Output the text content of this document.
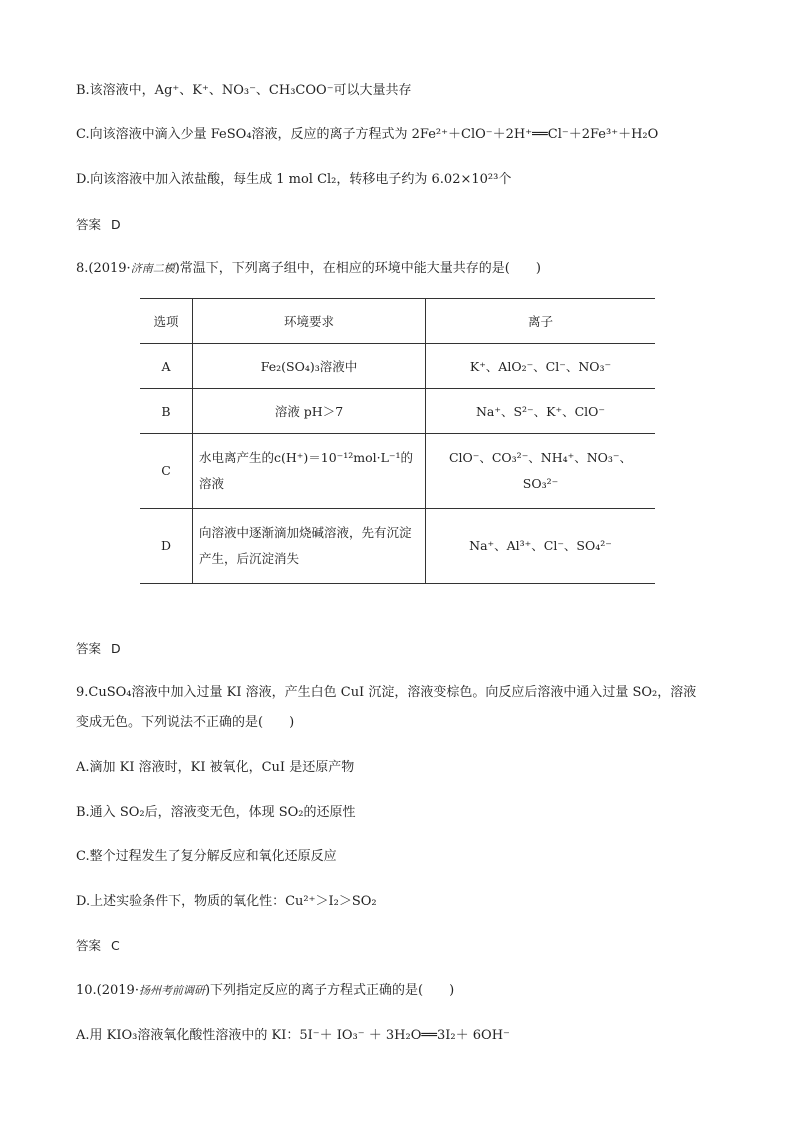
B.该溶液中，Ag⁺、K⁺、NO₃⁻、CH₃COO⁻可以大量共存
C.向该溶液中滴入少量 FeSO₄溶液，反应的离子方程式为 2Fe²⁺＋ClO⁻＋2H⁺══Cl⁻＋2Fe³⁺＋H₂O
D.向该溶液中加入浓盐酸，每生成 1 mol Cl₂，转移电子约为 6.02×10²³个
答案 D
8.(2019·济南二模)常温下，下列离子组中，在相应的环境中能大量共存的是(　　)
选项	环境要求	离子
A	Fe₂(SO₄)₃溶液中	K⁺、AlO₂⁻、Cl⁻、NO₃⁻
B	溶液 pH＞7	Na⁺、S²⁻、K⁺、ClO⁻
C	水电离产生的c(H⁺)＝10⁻¹²mol·L⁻¹的溶液	ClO⁻、CO₃²⁻、NH₄⁺、NO₃⁻、SO₃²⁻
D	向溶液中逐渐滴加烧碱溶液，先有沉淀产生，后沉淀消失	Na⁺、Al³⁺、Cl⁻、SO₄²⁻
答案 D
9.CuSO₄溶液中加入过量 KI 溶液，产生白色 CuI 沉淀，溶液变棕色。向反应后溶液中通入过量 SO₂，溶液
变成无色。下列说法不正确的是(　　)
A.滴加 KI 溶液时，KI 被氧化，CuI 是还原产物
B.通入 SO₂后，溶液变无色，体现 SO₂的还原性
C.整个过程发生了复分解反应和氧化还原反应
D.上述实验条件下，物质的氧化性：Cu²⁺＞I₂＞SO₂
答案 C
10.(2019·扬州考前调研)下列指定反应的离子方程式正确的是(　　)
A.用 KIO₃溶液氧化酸性溶液中的 KI：5I⁻＋ IO₃⁻ ＋ 3H₂O══3I₂＋ 6OH⁻
